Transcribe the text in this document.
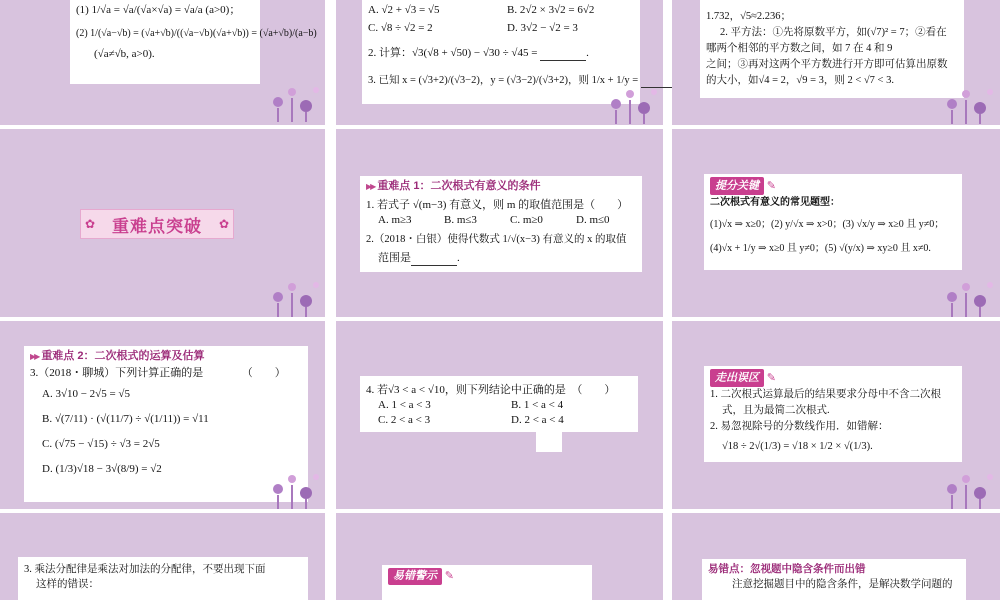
(1) 1/√a = √a/(√a×√a) = √a/a (a>0)；

(2) 1/(√a−√b) = (√a+√b)/((√a−√b)(√a+√b)) = (√a+√b)/(a−b)

(√a≠√b, a>0).

A. √2 + √3 = √5	B. 2√2 × 3√2 = 6√2
C. √8 ÷ √2 = 2	D. 3√2 − √2 = 3

2. 计算：√3(√8 + √50) − √30 ÷ √45 =	.

3. 已知 x = (√3+2)/(√3−2)，y = (√3−2)/(√3+2)，则 1/x + 1/y =

1.732，√5≈2.236；

2. 平方法：①先将原数平方，如(√7)² = 7；②看在

哪两个相邻的平方数之间，如 7 在 4 和 9

之间；③再对这两个平方数进行开方即可估算出原数

的大小，如√4 = 2，√9 = 3，则 2 < √7 < 3.

✿ 重难点突破
✿
▶▶ 重难点 1：二次根式有意义的条件

1. 若式子 √(m−3) 有意义，则 m 的取值范围是（　　）

A. m≥3	B. m≤3	C. m≥0	D. m≤0

2.（2018・白银）使得代数式 1/√(x−3) 有意义的 x 的取值

范围是	.

提分关键 ✎

二次根式有意义的常见题型：

(1)√x ⇒ x≥0；(2) y/√x ⇒ x>0；(3) √x/y ⇒ x≥0 且 y≠0；

(4)√x + 1/y ⇒ x≥0 且 y≠0；(5) √(y/x) ⇒ xy≥0 且 x≠0.

▶▶ 重难点 2：二次根式的运算及估算

3.（2018・聊城）下列计算正确的是　　　　（　　）

A. 3√10 − 2√5 = √5

B. √(7/11) · (√(11/7) ÷ √(1/11)) = √11

C. (√75 − √15) ÷ √3 = 2√5

D. (1/3)√18 − 3√(8/9) = √2

4. 若√3 < a < √10，则下列结论中正确的是　（　　）

A. 1 < a < 3	B. 1 < a < 4
C. 2 < a < 3	D. 2 < a < 4
走出误区 ✎

1. 二次根式运算最后的结果要求分母中不含二次根

式，且为最简二次根式.

2. 易忽视除号的分数线作用．如错解：

√18 ÷ 2√(1/3) = √18 × 1/2 × √(1/3).

3. 乘法分配律是乘法对加法的分配律，不要出现下面

这样的错误：

易错警示 ✎

易错点：忽视题中隐含条件而出错

注意挖掘题目中的隐含条件，是解决数学问题的
